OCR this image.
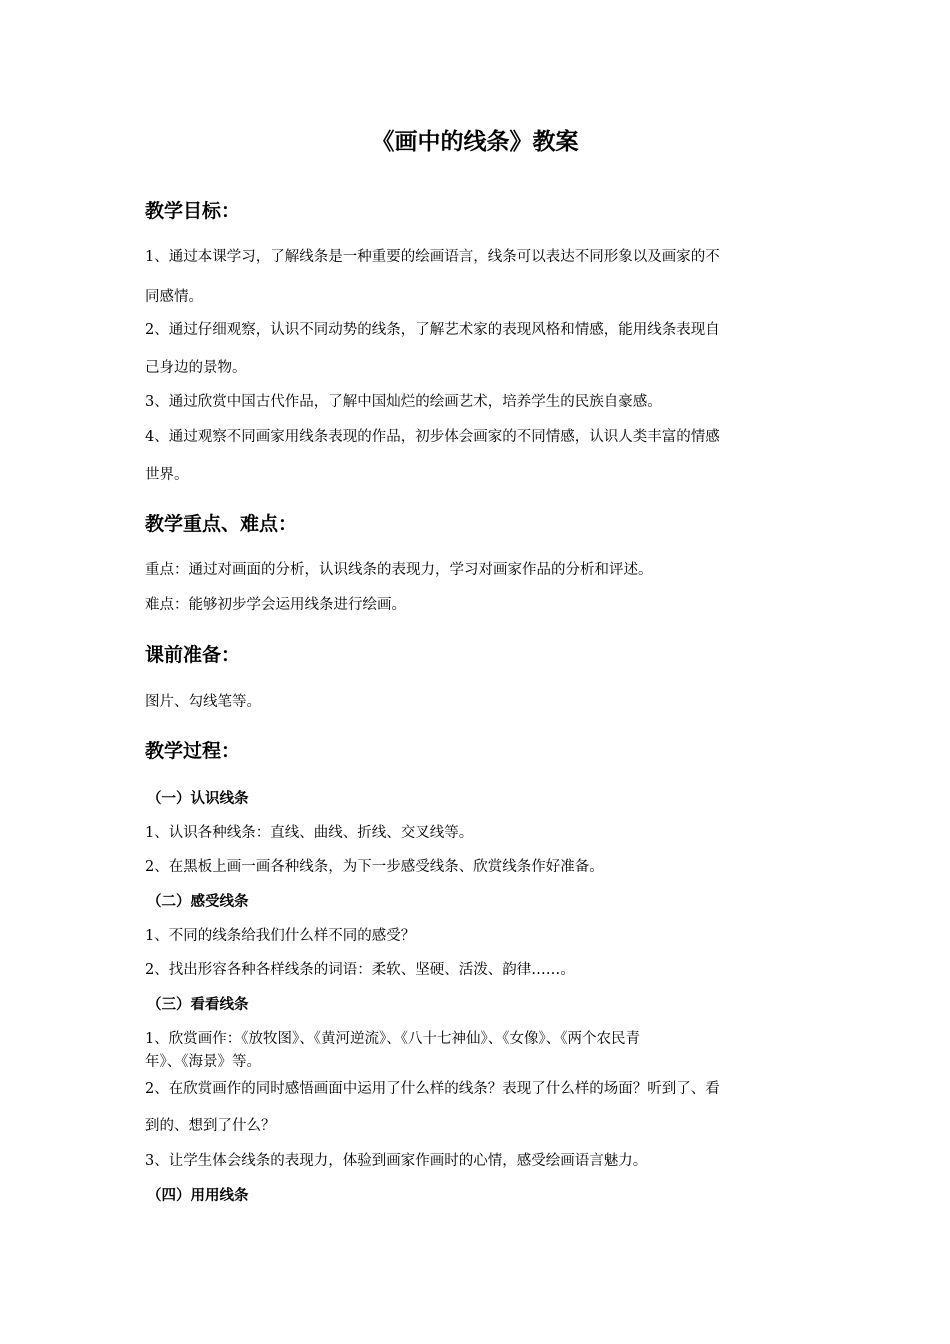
《画中的线条》教案
教学目标：
1、通过本课学习，了解线条是一种重要的绘画语言，线条可以表达不同形象以及画家的不
同感情。
2、通过仔细观察，认识不同动势的线条，了解艺术家的表现风格和情感，能用线条表现自
己身边的景物。
3、通过欣赏中国古代作品，了解中国灿烂的绘画艺术，培养学生的民族自豪感。
4、通过观察不同画家用线条表现的作品，初步体会画家的不同情感，认识人类丰富的情感
世界。
教学重点、难点：
重点：通过对画面的分析，认识线条的表现力，学习对画家作品的分析和评述。
难点：能够初步学会运用线条进行绘画。
课前准备：
图片、勾线笔等。
教学过程：
（一）认识线条
1、认识各种线条：直线、曲线、折线、交叉线等。
2、在黑板上画一画各种线条，为下一步感受线条、欣赏线条作好准备。
（二）感受线条
1、不同的线条给我们什么样不同的感受？
2、找出形容各种各样线条的词语：柔软、坚硬、活泼、韵律……。
（三）看看线条
1、欣赏画作：《放牧图》、《黄河逆流》、《八十七神仙》、《女像》、《两个农民青
年》、《海景》等。
2、在欣赏画作的同时感悟画面中运用了什么样的线条？表现了什么样的场面？听到了、看
到的、想到了什么？
3、让学生体会线条的表现力，体验到画家作画时的心情，感受绘画语言魅力。
（四）用用线条
